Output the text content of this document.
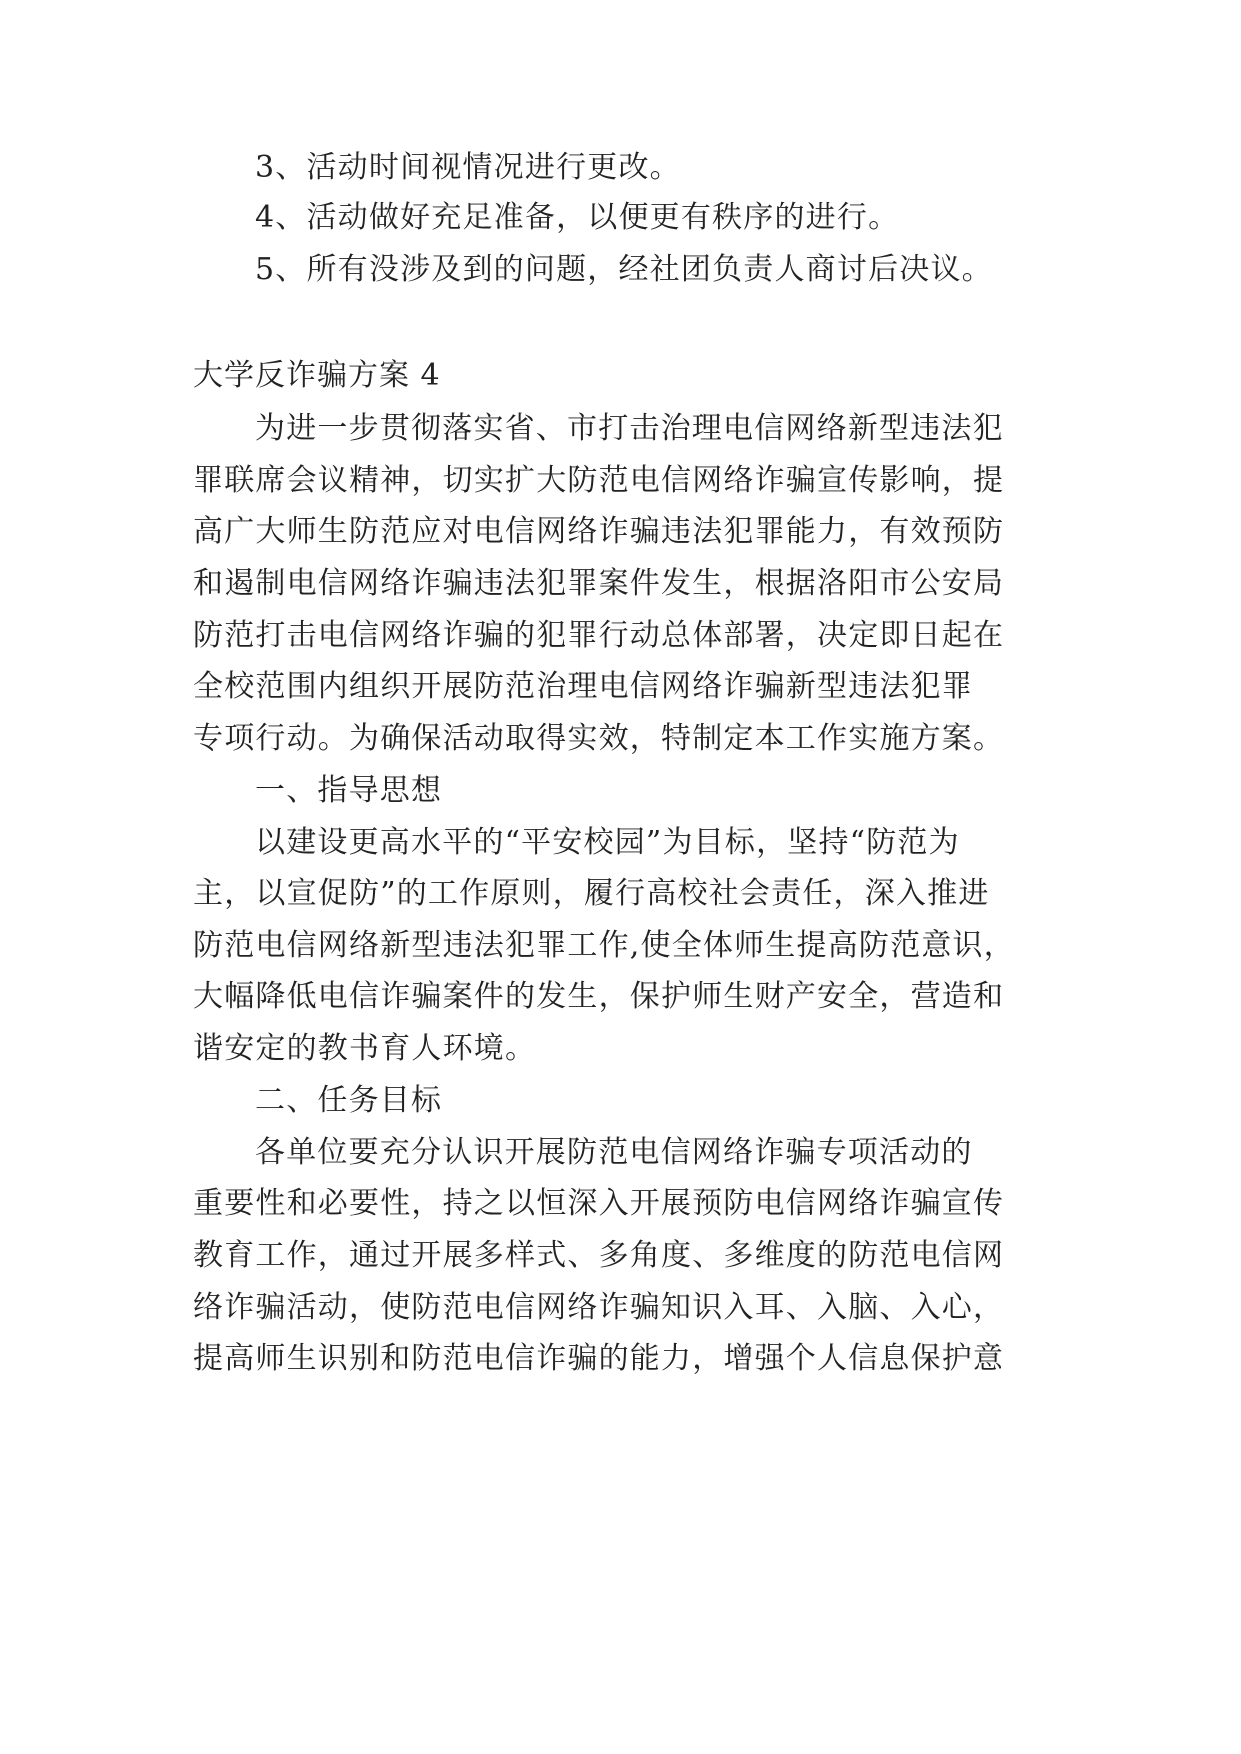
3、活动时间视情况进行更改。
4、活动做好充足准备，以便更有秩序的进行。
5、所有没涉及到的问题，经社团负责人商讨后决议。
大学反诈骗方案 4
为进一步贯彻落实省、市打击治理电信网络新型违法犯
罪联席会议精神，切实扩大防范电信网络诈骗宣传影响，提
高广大师生防范应对电信网络诈骗违法犯罪能力，有效预防
和遏制电信网络诈骗违法犯罪案件发生，根据洛阳市公安局
防范打击电信网络诈骗的犯罪行动总体部署，决定即日起在
全校范围内组织开展防范治理电信网络诈骗新型违法犯罪
专项行动。为确保活动取得实效，特制定本工作实施方案。
一、指导思想
以建设更高水平的“平安校园”为目标，坚持“防范为
主，以宣促防”的工作原则，履行高校社会责任，深入推进
防范电信网络新型违法犯罪工作,使全体师生提高防范意识，
大幅降低电信诈骗案件的发生，保护师生财产安全，营造和
谐安定的教书育人环境。
二、任务目标
各单位要充分认识开展防范电信网络诈骗专项活动的
重要性和必要性，持之以恒深入开展预防电信网络诈骗宣传
教育工作，通过开展多样式、多角度、多维度的防范电信网
络诈骗活动，使防范电信网络诈骗知识入耳、入脑、入心，
提高师生识别和防范电信诈骗的能力，增强个人信息保护意
